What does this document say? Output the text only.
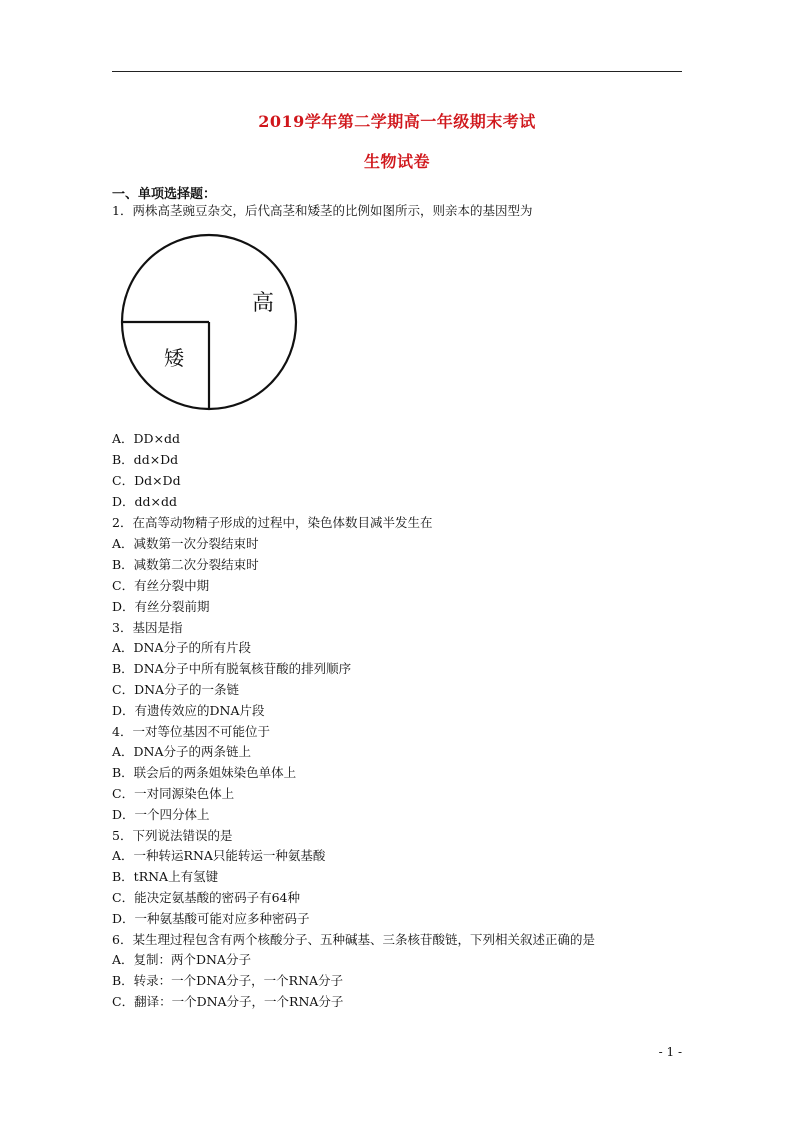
2019学年第二学期高一年级期末考试
生物试卷
一、单项选择题：
1．两株高茎豌豆杂交，后代高茎和矮茎的比例如图所示，则亲本的基因型为
A．DD×dd
B．dd×Dd
C．Dd×Dd
D．dd×dd
2．在高等动物精子形成的过程中，染色体数目减半发生在
A．减数第一次分裂结束时
B．减数第二次分裂结束时
C．有丝分裂中期
D．有丝分裂前期
3．基因是指
A．DNA分子的所有片段
B．DNA分子中所有脱氧核苷酸的排列顺序
C．DNA分子的一条链
D．有遗传效应的DNA片段
4．一对等位基因不可能位于
A．DNA分子的两条链上
B．联会后的两条姐妹染色单体上
C．一对同源染色体上
D．一个四分体上
5．下列说法错误的是
A．一种转运RNA只能转运一种氨基酸
B．tRNA上有氢键
C．能决定氨基酸的密码子有64种
D．一种氨基酸可能对应多种密码子
6．某生理过程包含有两个核酸分子、五种碱基、三条核苷酸链，下列相关叙述正确的是
A．复制：两个DNA分子
B．转录：一个DNA分子，一个RNA分子
C．翻译：一个DNA分子，一个RNA分子
高
矮
- 1 -
